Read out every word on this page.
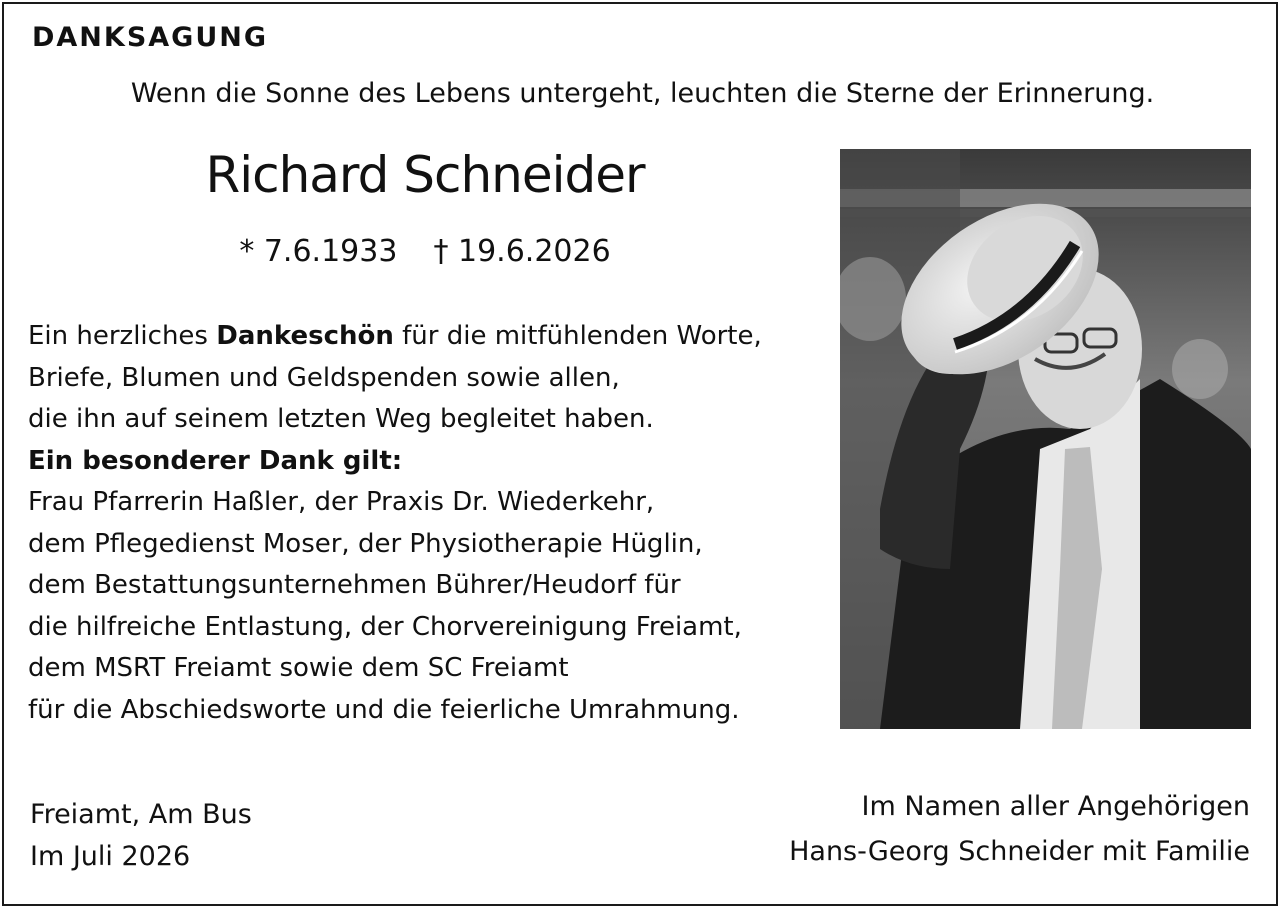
DANKSAGUNG
Wenn die Sonne des Lebens untergeht, leuchten die Sterne der Erinnerung.
Richard Schneider
* 7.6.1933 † 19.6.2026
Ein herzliches Dankeschön für die mitfühlenden Worte,
Briefe, Blumen und Geldspenden sowie allen,
die ihn auf seinem letzten Weg begleitet haben.
Ein besonderer Dank gilt:
Frau Pfarrerin Haßler, der Praxis Dr. Wiederkehr,
dem Pflegedienst Moser, der Physiotherapie Hüglin,
dem Bestattungsunternehmen Bührer/Heudorf für
die hilfreiche Entlastung, der Chorvereinigung Freiamt,
dem MSRT Freiamt sowie dem SC Freiamt
für die Abschiedsworte und die feierliche Umrahmung.
Freiamt, Am Bus
Im Juli 2026
Im Namen aller Angehörigen
Hans-Georg Schneider mit Familie
